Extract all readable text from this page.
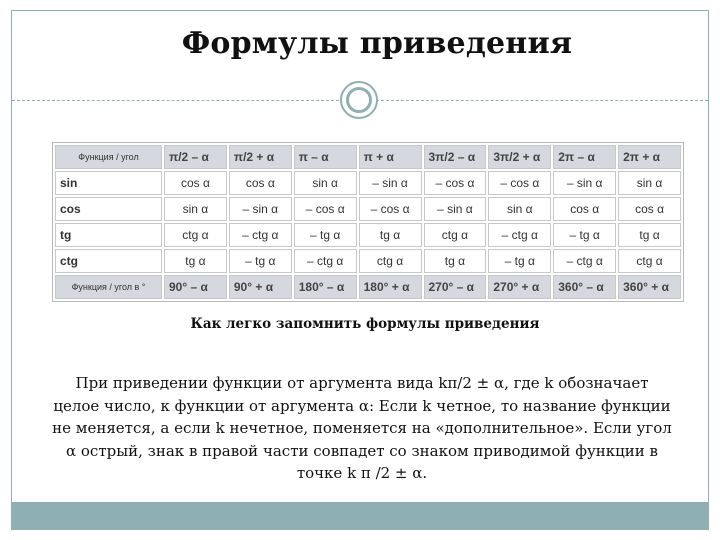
Формулы приведения
Функция / угол	π/2 – α	π/2 + α	π – α	π + α	3π/2 – α	3π/2 + α	2π – α	2π + α
sin	cos α	cos α	sin α	– sin α	– cos α	– cos α	– sin α	sin α
cos	sin α	– sin α	– cos α	– cos α	– sin α	sin α	cos α	cos α
tg	ctg α	– ctg α	– tg α	tg α	ctg α	– ctg α	– tg α	tg α
ctg	tg α	– tg α	– ctg α	ctg α	tg α	– tg α	– ctg α	ctg α
Функция / угол в °	90° – α	90° + α	180° – α	180° + α	270° – α	270° + α	360° – α	360° + α
Как легко запомнить формулы приведения

При приведении функции от аргумента вида kπ/2 ± α, где k обозначает целое число, к функции от аргумента α: Если k четное, то название функции не меняется, а если k нечетное, поменяется на «дополнительное». Если угол α острый, знак в правой части совпадет со знаком приводимой функции в точке k π /2 ± α.
